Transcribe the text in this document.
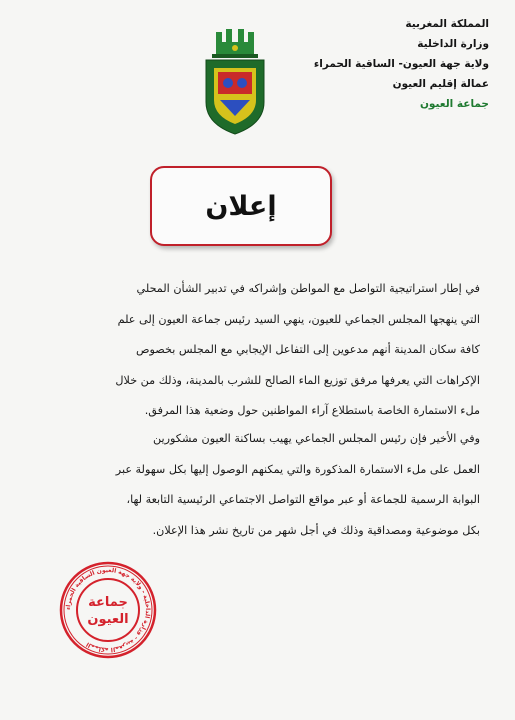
المملكة المغربية
وزارة الداخلية
ولاية جهة العيون- الساقية الحمراء
عمالة إقليم العيون
جماعة العيون
إعلان
في إطار استراتيجية التواصل مع المواطن وإشراكه في تدبير الشأن المحلي
التي ينهجها المجلس الجماعي للعيون، ينهي السيد رئيس جماعة العيون إلى علم
كافة سكان المدينة أنهم مدعوين إلى التفاعل الإيجابي مع المجلس بخصوص
الإكراهات التي يعرفها مرفق توزيع الماء الصالح للشرب بالمدينة، وذلك من خلال
ملء الاستمارة الخاصة باستطلاع آراء المواطنين حول وضعية هذا المرفق.
وفي الأخير فإن رئيس المجلس الجماعي يهيب بساكنة العيون مشكورين
العمل على ملء الاستمارة المذكورة والتي يمكنهم الوصول إليها بكل سهولة عبر
البوابة الرسمية للجماعة أو عبر مواقع التواصل الاجتماعي الرئيسية التابعة لها،
بكل موضوعية ومصداقية وذلك في أجل شهر من تاريخ نشر هذا الإعلان.
المملكة المغربية - وزارة الداخلية - ولاية جهة العيون الساقية الحمراء
جماعة
العيون
